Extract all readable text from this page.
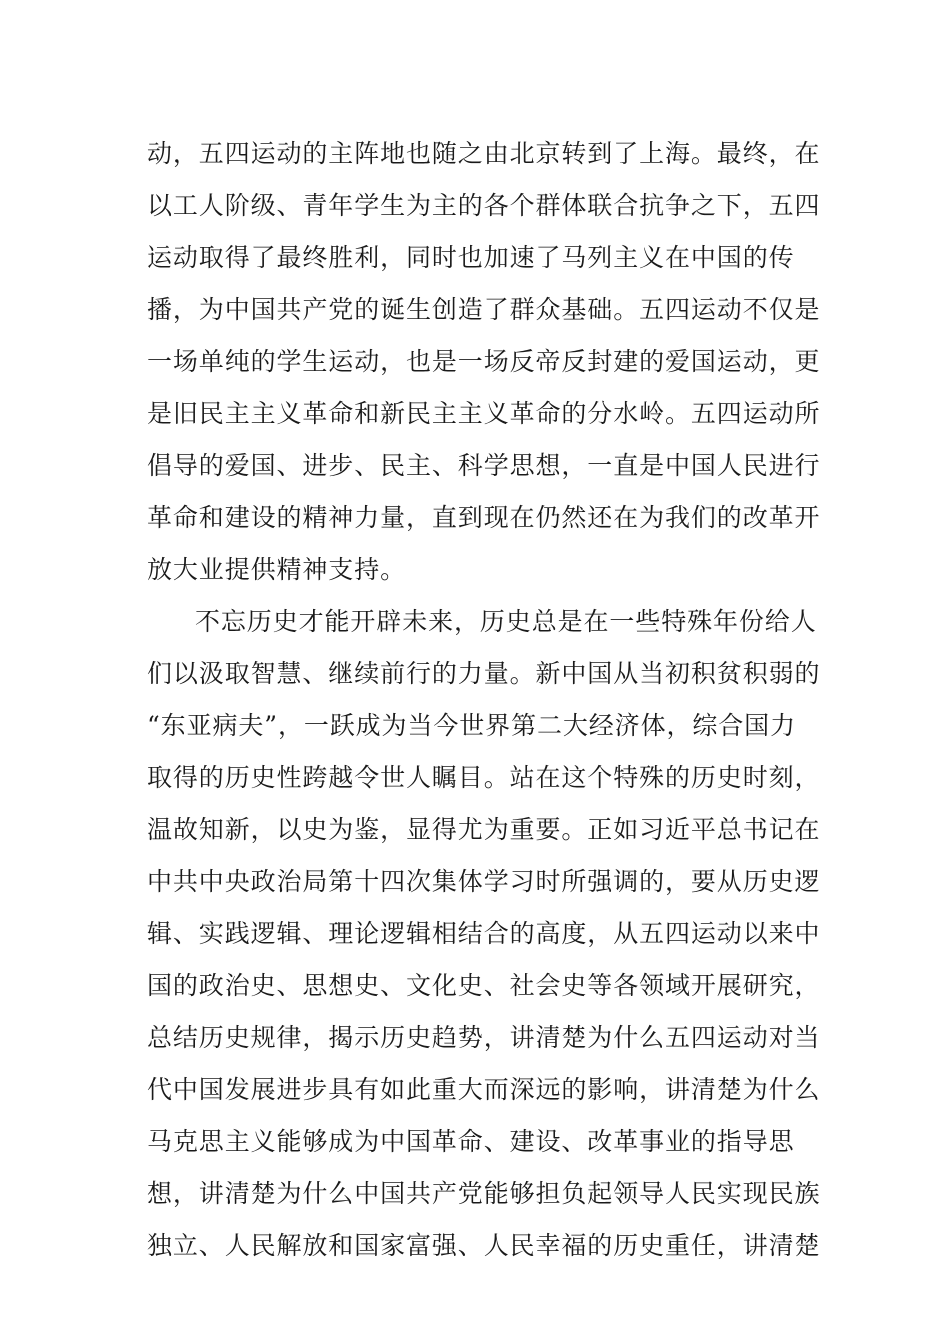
动，五四运动的主阵地也随之由北京转到了上海。最终，在
以工人阶级、青年学生为主的各个群体联合抗争之下，五四
运动取得了最终胜利，同时也加速了马列主义在中国的传
播，为中国共产党的诞生创造了群众基础。五四运动不仅是
一场单纯的学生运动，也是一场反帝反封建的爱国运动，更
是旧民主主义革命和新民主主义革命的分水岭。五四运动所
倡导的爱国、进步、民主、科学思想，一直是中国人民进行
革命和建设的精神力量，直到现在仍然还在为我们的改革开
放大业提供精神支持。
不忘历史才能开辟未来，历史总是在一些特殊年份给人
们以汲取智慧、继续前行的力量。新中国从当初积贫积弱的
“东亚病夫”，一跃成为当今世界第二大经济体，综合国力
取得的历史性跨越令世人瞩目。站在这个特殊的历史时刻，
温故知新，以史为鉴，显得尤为重要。正如习近平总书记在
中共中央政治局第十四次集体学习时所强调的，要从历史逻
辑、实践逻辑、理论逻辑相结合的高度，从五四运动以来中
国的政治史、思想史、文化史、社会史等各领域开展研究，
总结历史规律，揭示历史趋势，讲清楚为什么五四运动对当
代中国发展进步具有如此重大而深远的影响，讲清楚为什么
马克思主义能够成为中国革命、建设、改革事业的指导思
想，讲清楚为什么中国共产党能够担负起领导人民实现民族
独立、人民解放和国家富强、人民幸福的历史重任，讲清楚
